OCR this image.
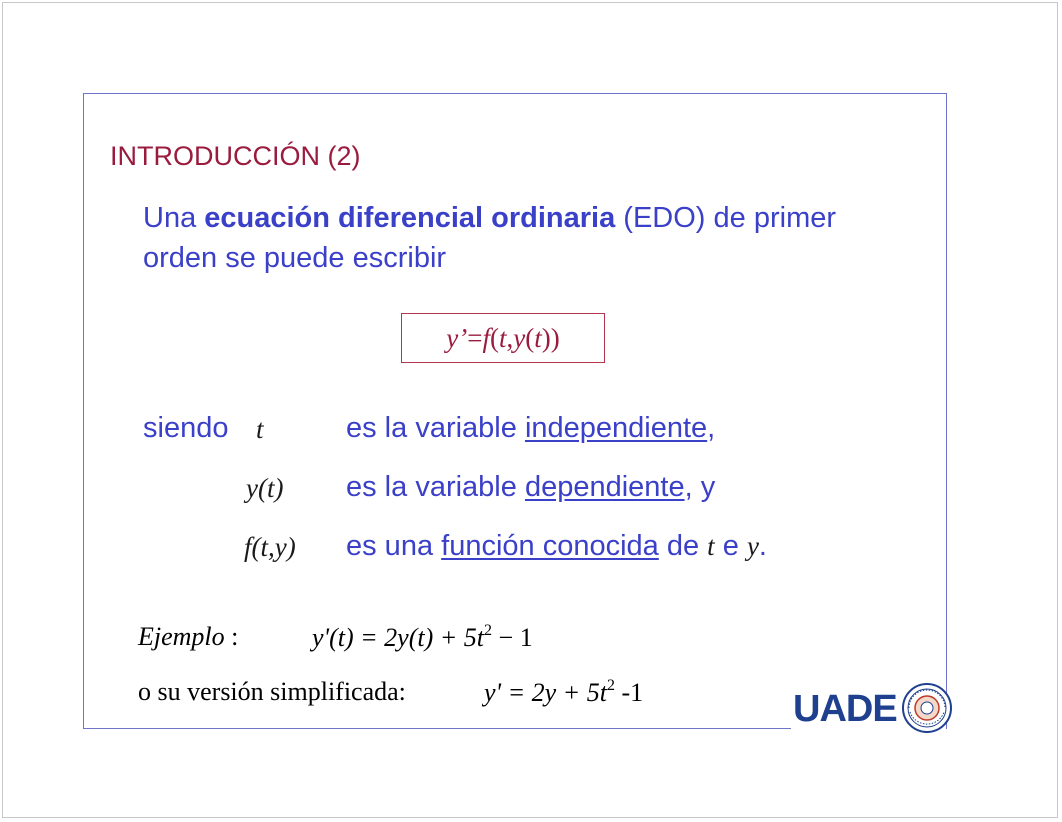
INTRODUCCIÓN (2)
Una ecuación diferencial ordinaria (EDO) de primer orden se puede escribir
y’ = f ( t , y ( t ))
siendo t	es la variable independiente,
y(t) es la variable dependiente, y
f(t,y) es una función conocida de t e y.
Ejemplo :	$y'(t) = 2y(t) + 5t^2 - 1$
o su versión simplificada:	$y' = 2y + 5t^2$ -1	UADE
